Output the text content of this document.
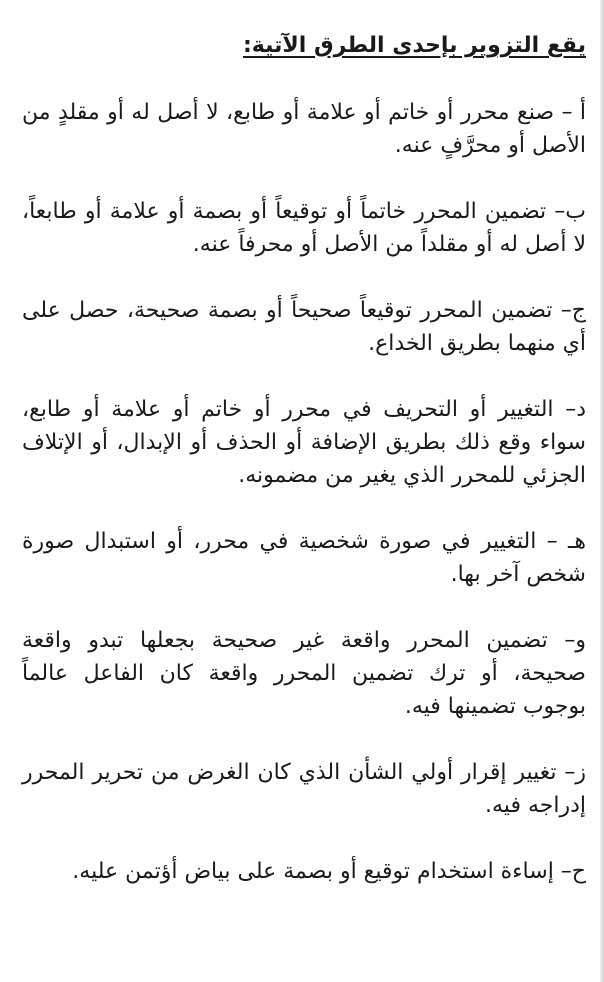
يقع التزوير بإحدى الطرق الآتية:

أ – صنع محرر أو خاتم أو علامة أو طابع، لا أصل له أو مقلدٍ من الأصل أو محرَّفٍ عنه.

ب– تضمين المحرر خاتماً أو توقيعاً أو بصمة أو علامة أو طابعاً، لا أصل له أو مقلداً من الأصل أو محرفاً عنه.

ج– تضمين المحرر توقيعاً صحيحاً أو بصمة صحيحة، حصل على أي منهما بطريق الخداع.

د– التغيير أو التحريف في محرر أو خاتم أو علامة أو طابع، سواء وقع ذلك بطريق الإضافة أو الحذف أو الإبدال، أو الإتلاف الجزئي للمحرر الذي يغير من مضمونه.

هـ – التغيير في صورة شخصية في محرر، أو استبدال صورة شخص آخر بها.

و– تضمين المحرر واقعة غير صحيحة بجعلها تبدو واقعة صحيحة، أو ترك تضمين المحرر واقعة كان الفاعل عالماً بوجوب تضمينها فيه.

ز– تغيير إقرار أولي الشأن الذي كان الغرض من تحرير المحرر إدراجه فيه.

ح– إساءة استخدام توقيع أو بصمة على بياض أؤتمن عليه.
